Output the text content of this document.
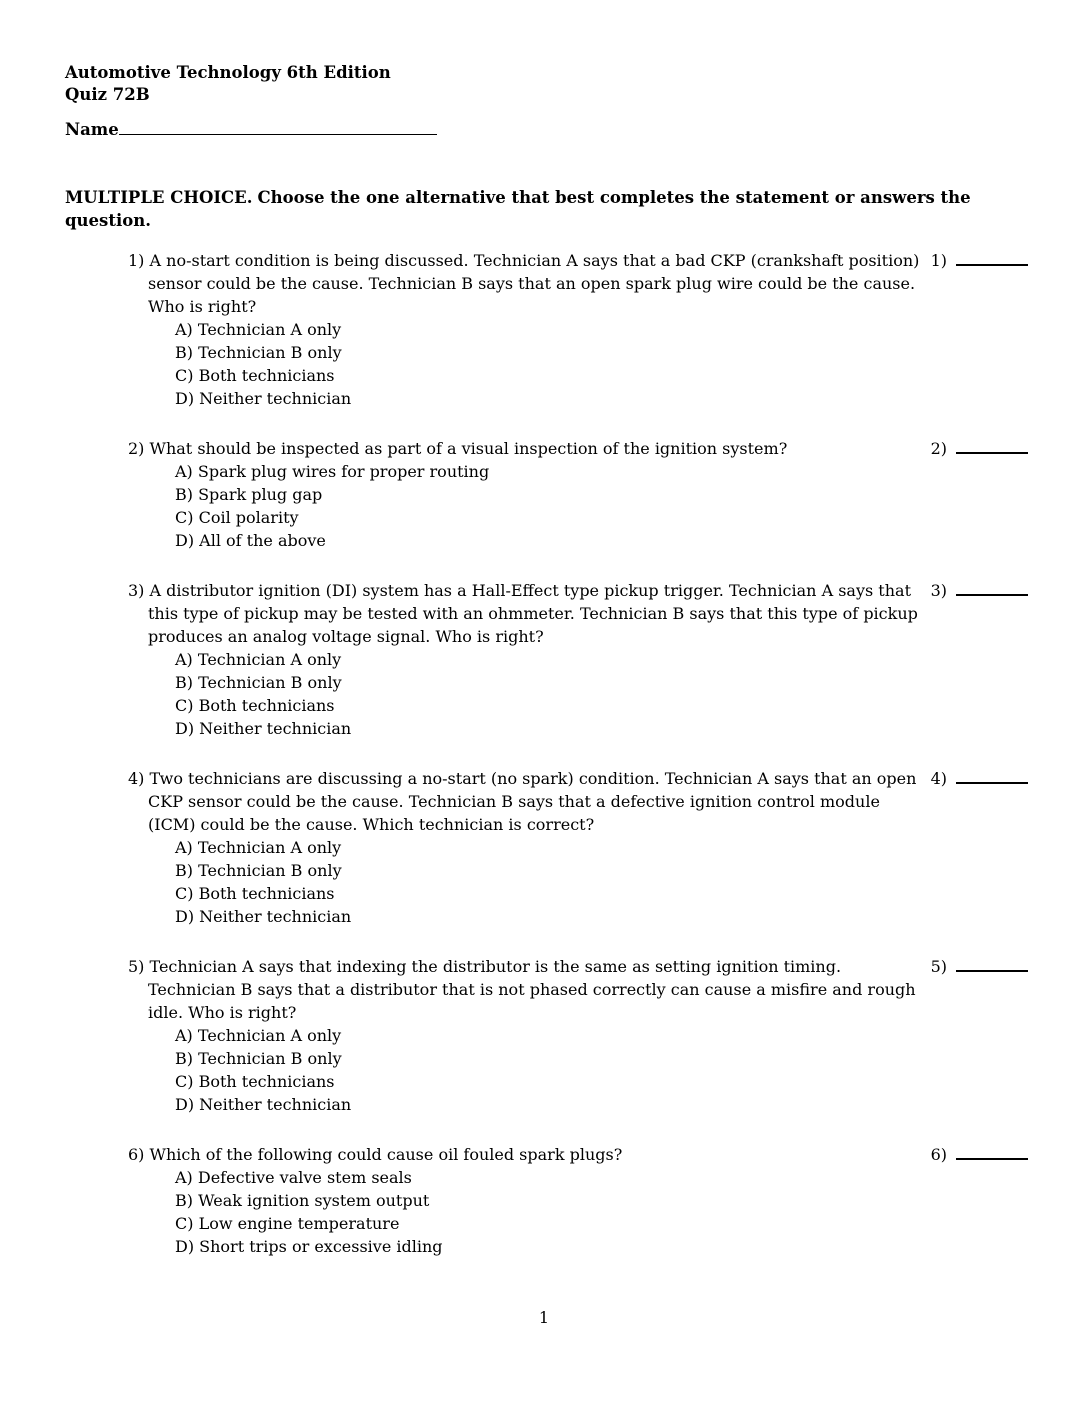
Automotive Technology 6th Edition
Quiz 72B
Name
MULTIPLE CHOICE. Choose the one alternative that best completes the statement or answers the question.
1) A no-start condition is being discussed. Technician A says that a bad CKP (crankshaft position) sensor could be the cause. Technician B says that an open spark plug wire could be the cause. Who is right?
A) Technician A only
B) Technician B only
C) Both technicians
D) Neither technician
1)
2) What should be inspected as part of a visual inspection of the ignition system?
A) Spark plug wires for proper routing
B) Spark plug gap
C) Coil polarity
D) All of the above
2)
3) A distributor ignition (DI) system has a Hall-Effect type pickup trigger. Technician A says that this type of pickup may be tested with an ohmmeter. Technician B says that this type of pickup produces an analog voltage signal. Who is right?
A) Technician A only
B) Technician B only
C) Both technicians
D) Neither technician
3)
4) Two technicians are discussing a no-start (no spark) condition. Technician A says that an open CKP sensor could be the cause. Technician B says that a defective ignition control module (ICM) could be the cause. Which technician is correct?
A) Technician A only
B) Technician B only
C) Both technicians
D) Neither technician
4)
5) Technician A says that indexing the distributor is the same as setting ignition timing. Technician B says that a distributor that is not phased correctly can cause a misfire and rough idle. Who is right?
A) Technician A only
B) Technician B only
C) Both technicians
D) Neither technician
5)
6) Which of the following could cause oil fouled spark plugs?
A) Defective valve stem seals
B) Weak ignition system output
C) Low engine temperature
D) Short trips or excessive idling
6)
1
